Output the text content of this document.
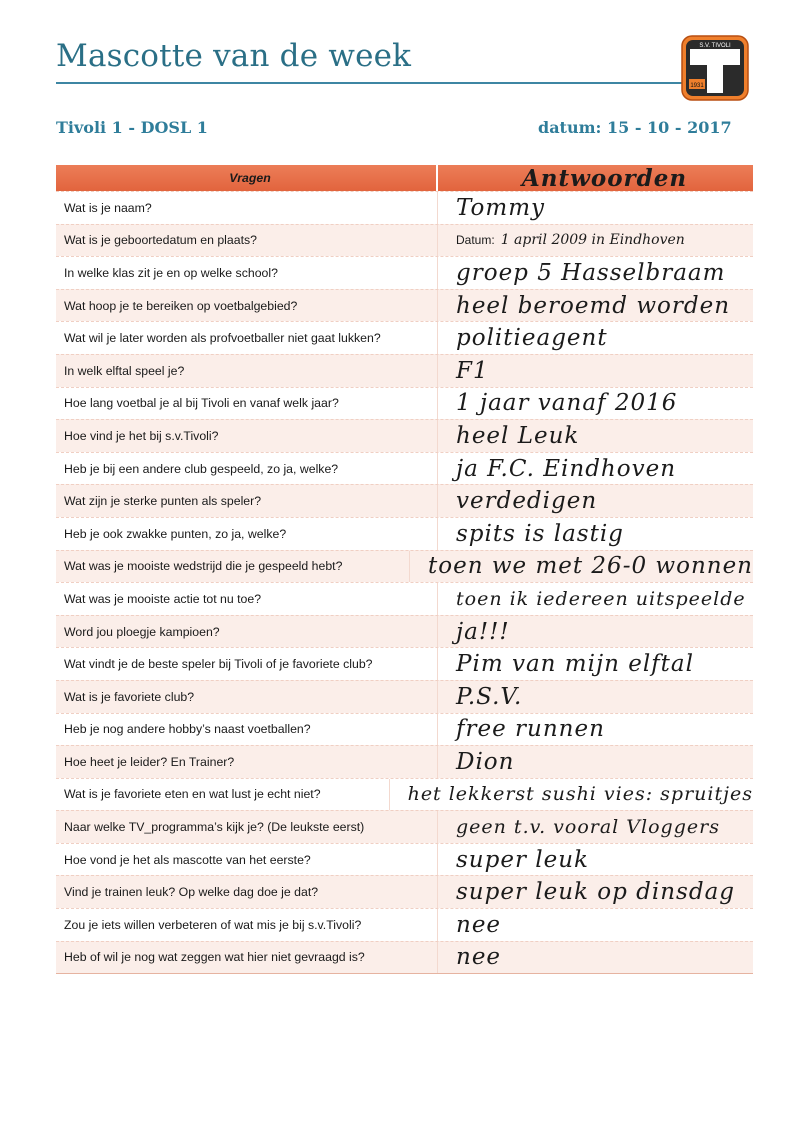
Mascotte van de week	S.V. TIVOLI
1931
Tivoli 1 - DOSL 1	datum: 15 - 10 - 2017
Vragen	Antwoorden
Wat is je naam?	Tommy
Wat is je geboortedatum en plaats?	Datum: 1 april 2009 in Eindhoven
In welke klas zit je en op welke school?	groep 5 Hasselbraam
Wat hoop je te bereiken op voetbalgebied?	heel beroemd worden
Wat wil je later worden als profvoetballer niet gaat lukken?	politieagent
In welk elftal speel je?	F1
Hoe lang voetbal je al bij Tivoli en vanaf welk jaar?	1 jaar vanaf 2016
Hoe vind je het bij s.v.Tivoli?	heel Leuk
Heb je bij een andere club gespeeld, zo ja, welke?	ja F.C. Eindhoven
Wat zijn je sterke punten als speler?	verdedigen
Heb je ook zwakke punten, zo ja, welke?	spits is lastig
Wat was je mooiste wedstrijd die je gespeeld hebt?	toen we met 26-0 wonnen
Wat was je mooiste actie tot nu toe?	toen ik iedereen uitspeelde
Word jou ploegje kampioen?	ja!!!
Wat vindt je de beste speler bij Tivoli of je favoriete club?	Pim van mijn elftal
Wat is je favoriete club?	P.S.V.
Heb je nog andere hobby’s naast voetballen?	free runnen
Hoe heet je leider? En Trainer?	Dion
Wat is je favoriete eten en wat lust je echt niet?	het lekkerst sushi vies: spruitjes
Naar welke TV_programma’s kijk je? (De leukste eerst)	geen t.v. vooral Vloggers
Hoe vond je het als mascotte van het eerste?	super leuk
Vind je trainen leuk? Op welke dag doe je dat?	super leuk op dinsdag
Zou je iets willen verbeteren of wat mis je bij s.v.Tivoli?	nee
Heb of wil je nog wat zeggen wat hier niet gevraagd is?	nee
